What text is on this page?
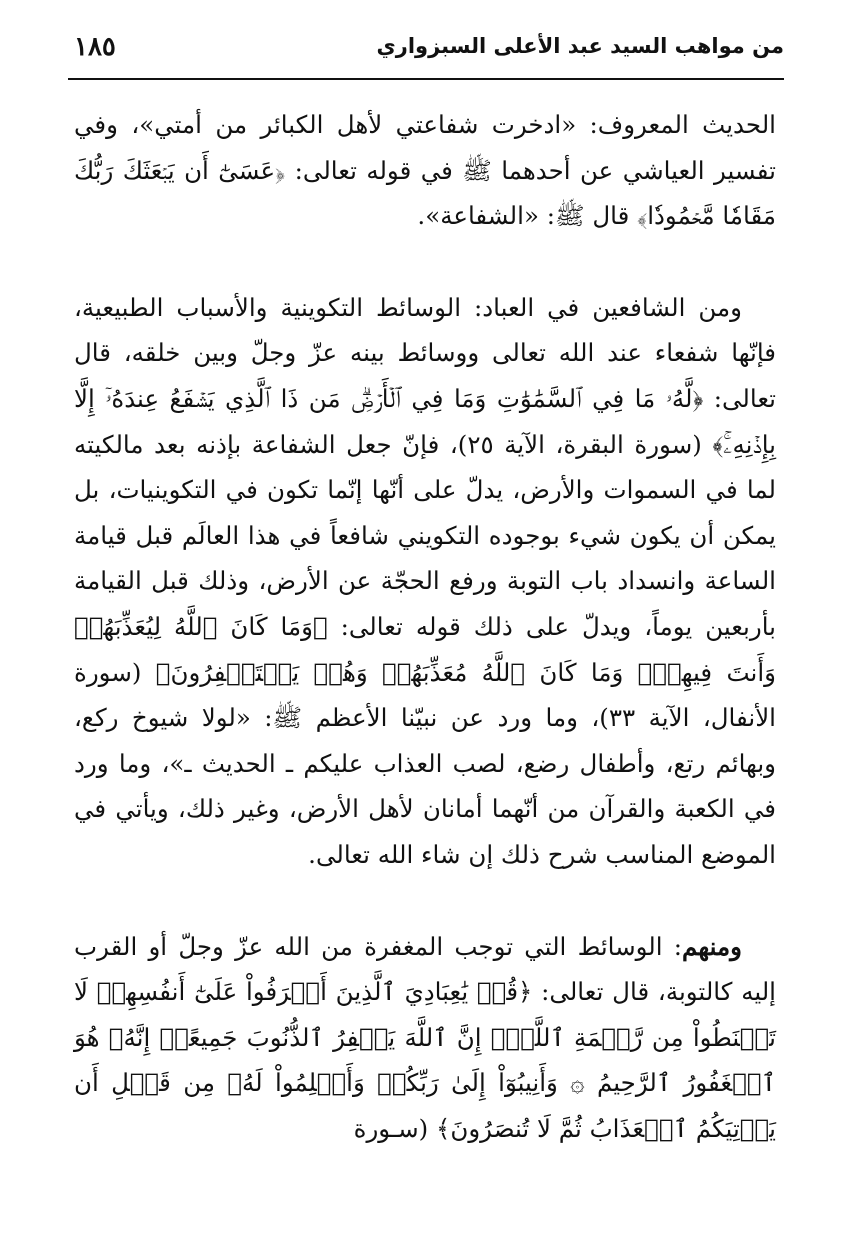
من مواهب السيد عبد الأعلى السبزواري
١٨٥

الحديث المعروف: «ادخرت شفاعتي لأهل الكبائر من أمتي»، وفي تفسير العياشي عن أحدهما ﷺ في قوله تعالى: ﴿عَسَىٰٓ أَن يَبۡعَثَكَ رَبُّكَ مَقَامٗا مَّحۡمُودٗا﴾ قال ﷺ: «الشفاعة».

ومن الشافعين في العباد: الوسائط التكوينية والأسباب الطبيعية، فإنّها شفعاء عند الله تعالى ووسائط بينه عزّ وجلّ وبين خلقه، قال تعالى: ﴿لَّهُۥ مَا فِي ٱلسَّمَٰوَٰتِ وَمَا فِي ٱلۡأَرۡضِۗ مَن ذَا ٱلَّذِي يَشۡفَعُ عِندَهُۥٓ إِلَّا بِإِذۡنِهِۦۚ﴾ (سورة البقرة، الآية ٢٥)، فإنّ جعل الشفاعة بإذنه بعد مالكيته لما في السموات والأرض، يدلّ على أنّها إنّما تكون في التكوينيات، بل يمكن أن يكون شيء بوجوده التكويني شافعاً في هذا العالَم قبل قيامة الساعة وانسداد باب التوبة ورفع الحجّة عن الأرض، وذلك قبل القيامة بأربعين يوماً، ويدلّ على ذلك قوله تعالى: ﴿وَمَا كَانَ ٱللَّهُ لِيُعَذِّبَهُمۡ وَأَنتَ فِيهِمۡۚ وَمَا كَانَ ٱللَّهُ مُعَذِّبَهُمۡ وَهُمۡ يَسۡتَغۡفِرُونَ﴾ (سورة الأنفال، الآية ٣٣)، وما ورد عن نبيّنا الأعظم ﷺ: «لولا شيوخ ركع، وبهائم رتع، وأطفال رضع، لصب العذاب عليكم ـ الحديث ـ»، وما ورد في الكعبة والقرآن من أنّهما أمانان لأهل الأرض، وغير ذلك، ويأتي في الموضع المناسب شرح ذلك إن شاء الله تعالى.

ومنهم: الوسائط التي توجب المغفرة من الله عزّ وجلّ أو القرب إليه كالتوبة، قال تعالى: ﴿قُلۡ يَٰعِبَادِيَ ٱلَّذِينَ أَسۡرَفُواْ عَلَىٰٓ أَنفُسِهِمۡ لَا تَقۡنَطُواْ مِن رَّحۡمَةِ ٱللَّهِۚ إِنَّ ٱللَّهَ يَغۡفِرُ ٱلذُّنُوبَ جَمِيعًاۚ إِنَّهُۥ هُوَ ٱلۡغَفُورُ ٱلرَّحِيمُ ۞ وَأَنِيبُوٓاْ إِلَىٰ رَبِّكُمۡ وَأَسۡلِمُواْ لَهُۥ مِن قَبۡلِ أَن يَأۡتِيَكُمُ ٱلۡعَذَابُ ثُمَّ لَا تُنصَرُونَ﴾ (سـورة
